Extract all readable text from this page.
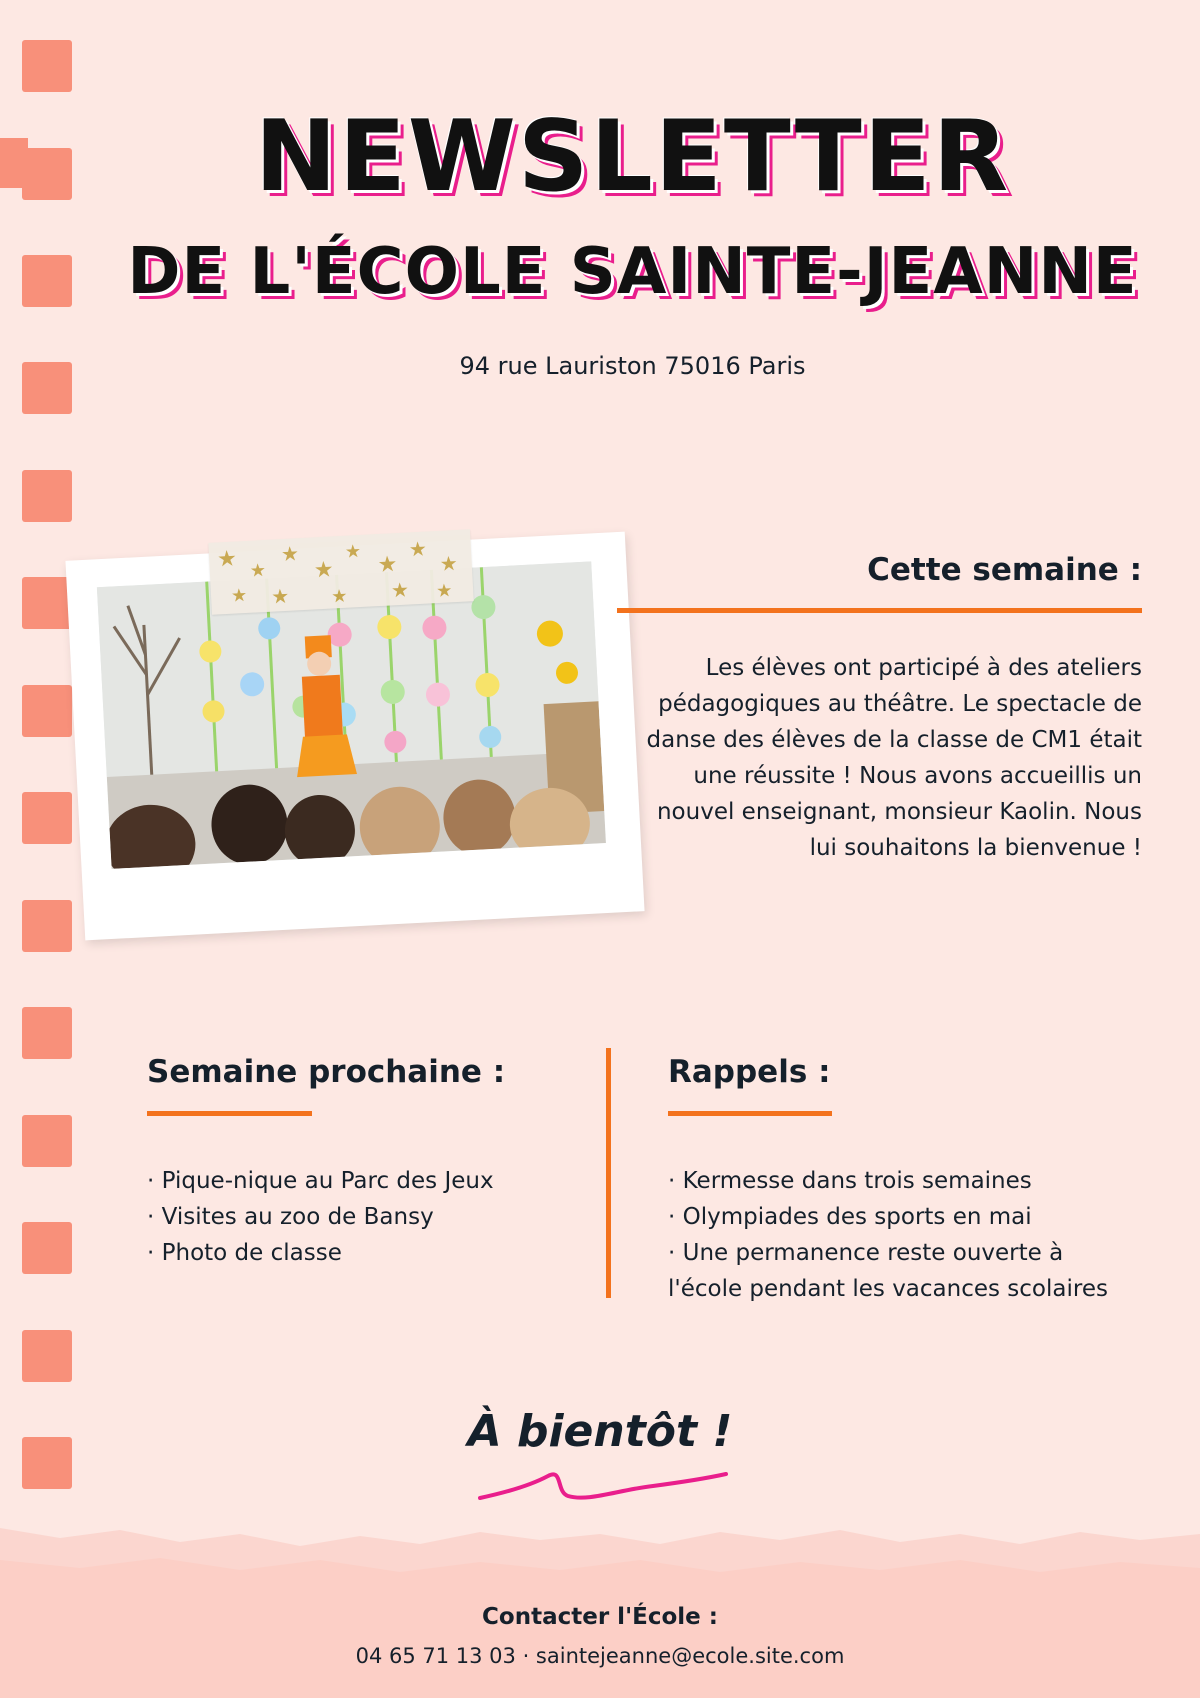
NEWSLETTER
DE L'ÉCOLE SAINTE-JEANNE
94 rue Lauriston 75016 Paris
★ ★
★
★
★
★
★
★
★ ★ ★ ★ ★
Cette semaine :
Les élèves ont participé à des ateliers pédagogiques au théâtre. Le spectacle de danse des élèves de la classe de CM1 était une réussite ! Nous avons accueillis un nouvel enseignant, monsieur Kaolin. Nous lui souhaitons la bienvenue !
Semaine prochaine :
· Pique-nique au Parc des Jeux
· Visites au zoo de Bansy
· Photo de classe
Rappels :
· Kermesse dans trois semaines
· Olympiades des sports en mai
· Une permanence reste ouverte à
l'école pendant les vacances scolaires
À bientôt !
Contacter l'École :
04 65 71 13 03 · saintejeanne@ecole.site.com
